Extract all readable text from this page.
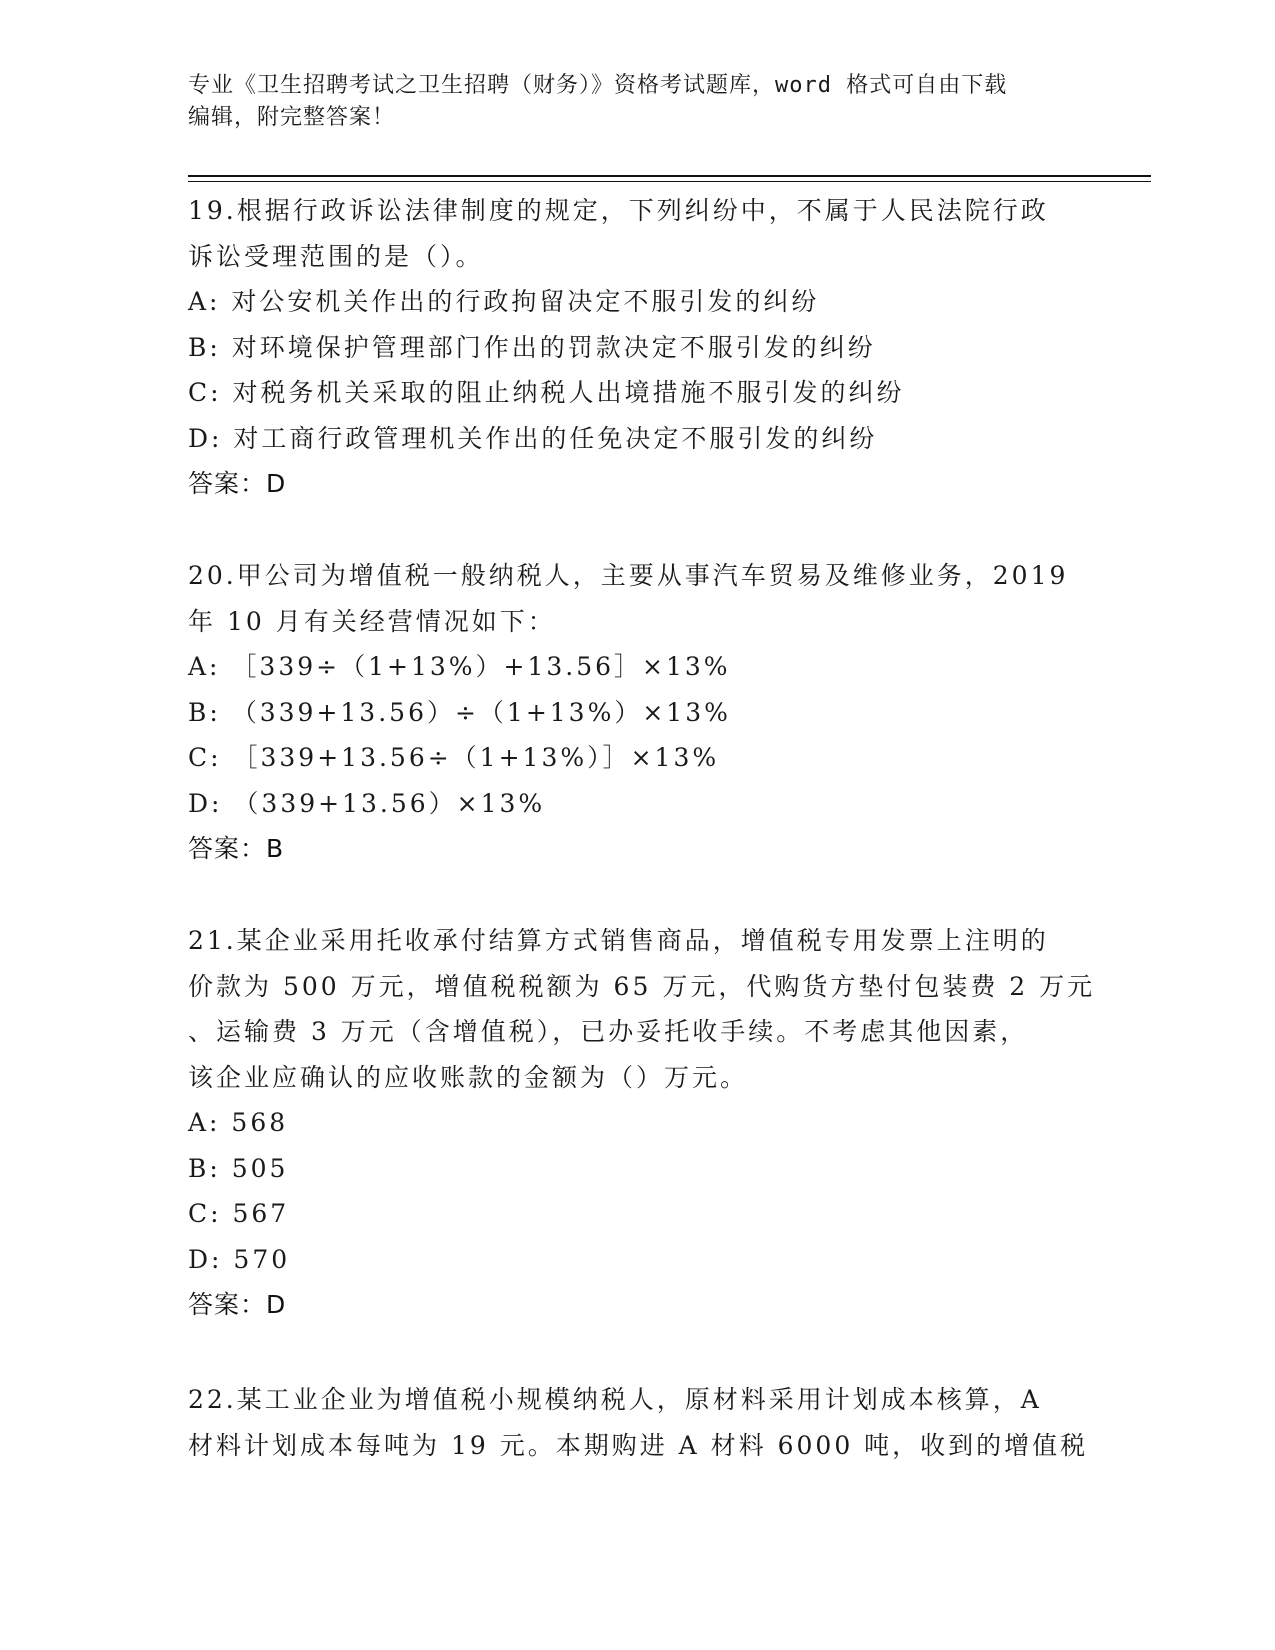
专业《卫生招聘考试之卫生招聘（财务）》资格考试题库，word 格式可自由下载
编辑，附完整答案！
19.根据行政诉讼法律制度的规定，下列纠纷中，不属于人民法院行政
诉讼受理范围的是（）。
A: 对公安机关作出的行政拘留决定不服引发的纠纷
B: 对环境保护管理部门作出的罚款决定不服引发的纠纷
C: 对税务机关采取的阻止纳税人出境措施不服引发的纠纷
D: 对工商行政管理机关作出的任免决定不服引发的纠纷
答案：D
20.甲公司为增值税一般纳税人，主要从事汽车贸易及维修业务，2019
年 10 月有关经营情况如下：
A: ［339÷（1+13%）+13.56］×13%
B: （339+13.56）÷（1+13%）×13%
C: ［339+13.56÷（1+13%）］×13%
D: （339+13.56）×13%
答案：B
21.某企业采用托收承付结算方式销售商品，增值税专用发票上注明的
价款为 500 万元，增值税税额为 65 万元，代购货方垫付包装费 2 万元
、运输费 3 万元（含增值税），已办妥托收手续。不考虑其他因素，
该企业应确认的应收账款的金额为（）万元。
A: 568
B: 505
C: 567
D: 570
答案：D
22.某工业企业为增值税小规模纳税人，原材料采用计划成本核算，A
材料计划成本每吨为 19 元。本期购进 A 材料 6000 吨，收到的增值税
